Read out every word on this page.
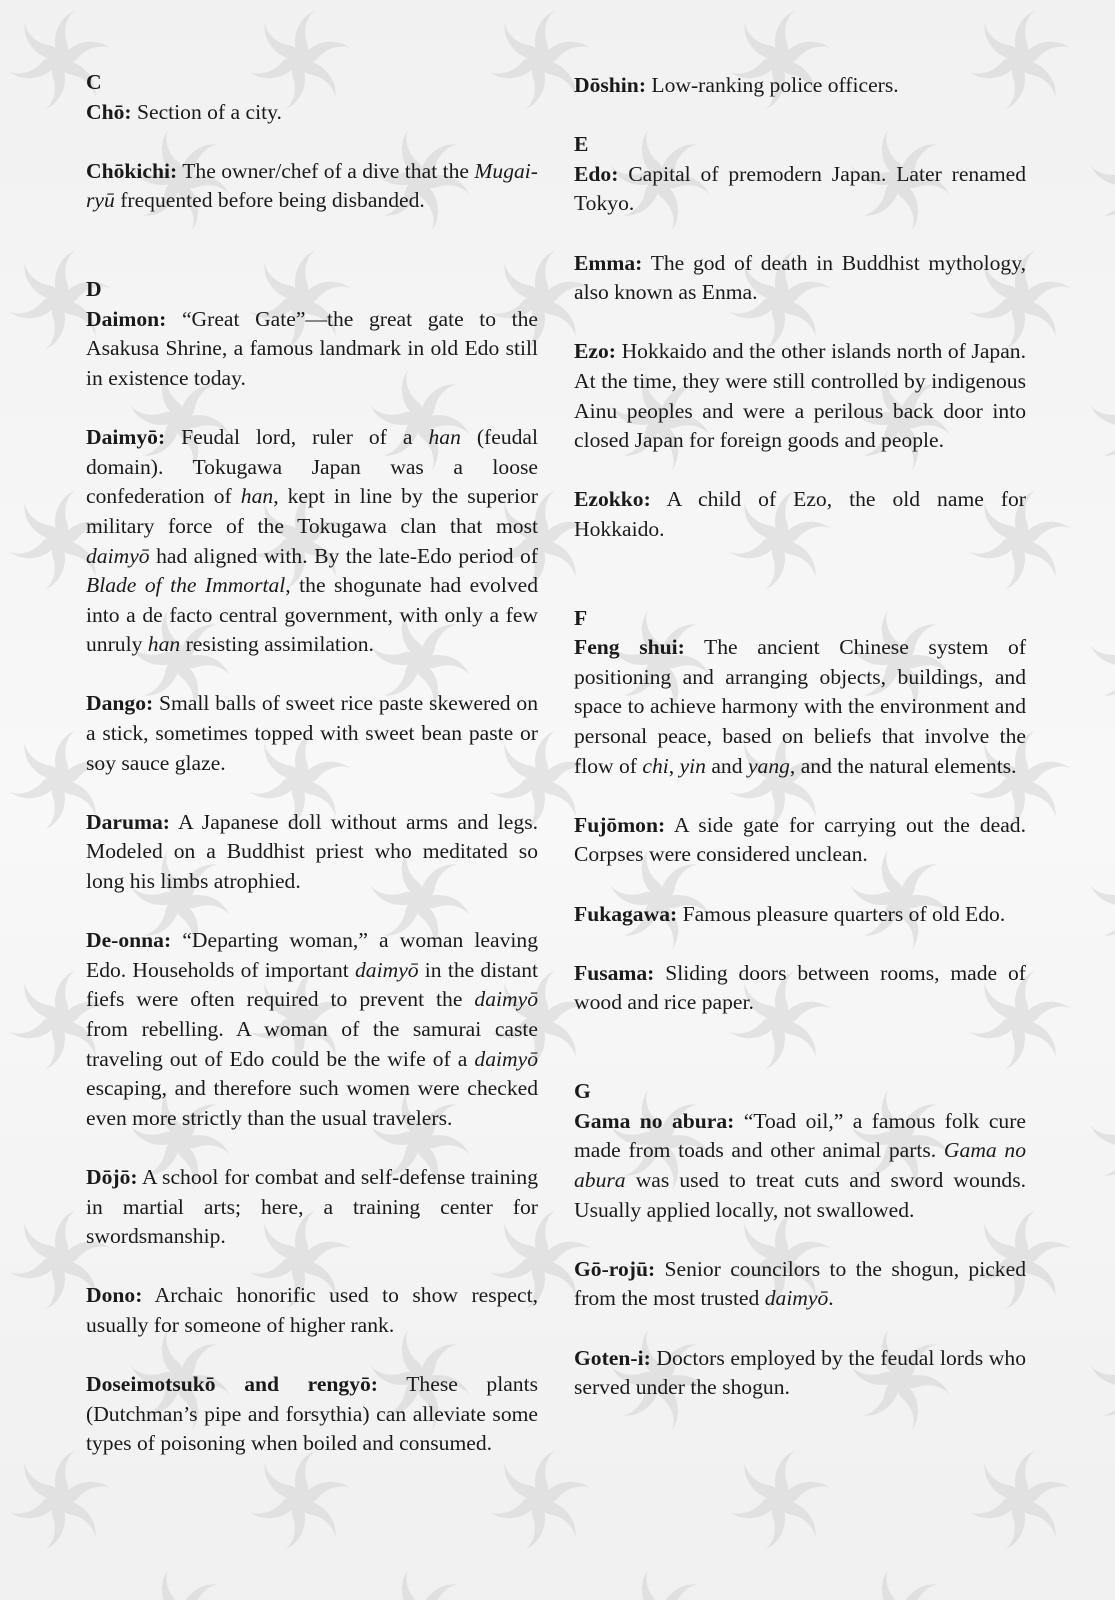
C

Chō: Section of a city.

Chōkichi: The owner/chef of a dive that the Mugai-ryū frequented before being disbanded.

D

Daimon: “Great Gate”—the great gate to the Asakusa Shrine, a famous landmark in old Edo still in existence today.

Daimyō: Feudal lord, ruler of a han (feudal domain). Tokugawa Japan was a loose confederation of han, kept in line by the superior military force of the Tokugawa clan that most daimyō had aligned with. By the late-Edo period of Blade of the Immortal, the shogunate had evolved into a de facto central government, with only a few unruly han resisting assimilation.

Dango: Small balls of sweet rice paste skewered on a stick, sometimes topped with sweet bean paste or soy sauce glaze.

Daruma: A Japanese doll without arms and legs. Modeled on a Buddhist priest who meditated so long his limbs atrophied.

De-onna: “Departing woman,” a woman leaving Edo. Households of important daimyō in the distant fiefs were often required to prevent the daimyō from rebelling. A woman of the samurai caste traveling out of Edo could be the wife of a daimyō escaping, and therefore such women were checked even more strictly than the usual travelers.

Dōjō: A school for combat and self-defense training in martial arts; here, a training center for swordsmanship.

Dono: Archaic honorific used to show respect, usually for someone of higher rank.

Doseimotsukō and rengyō: These plants (Dutchman’s pipe and forsythia) can alleviate some types of poisoning when boiled and consumed.

Dōshin: Low-ranking police officers.

E

Edo: Capital of premodern Japan. Later renamed Tokyo.

Emma: The god of death in Buddhist mythology, also known as Enma.

Ezo: Hokkaido and the other islands north of Japan. At the time, they were still controlled by indigenous Ainu peoples and were a perilous back door into closed Japan for foreign goods and people.

Ezokko: A child of Ezo, the old name for Hokkaido.

F

Feng shui: The ancient Chinese system of positioning and arranging objects, buildings, and space to achieve harmony with the environment and personal peace, based on beliefs that involve the flow of chi, yin and yang, and the natural elements.

Fujōmon: A side gate for carrying out the dead. Corpses were considered unclean.

Fukagawa: Famous pleasure quarters of old Edo.

Fusama: Sliding doors between rooms, made of wood and rice paper.

G

Gama no abura: “Toad oil,” a famous folk cure made from toads and other animal parts. Gama no abura was used to treat cuts and sword wounds. Usually applied locally, not swallowed.

Gō-rojū: Senior councilors to the shogun, picked from the most trusted daimyō.

Goten-i: Doctors employed by the feudal lords who served under the shogun.
